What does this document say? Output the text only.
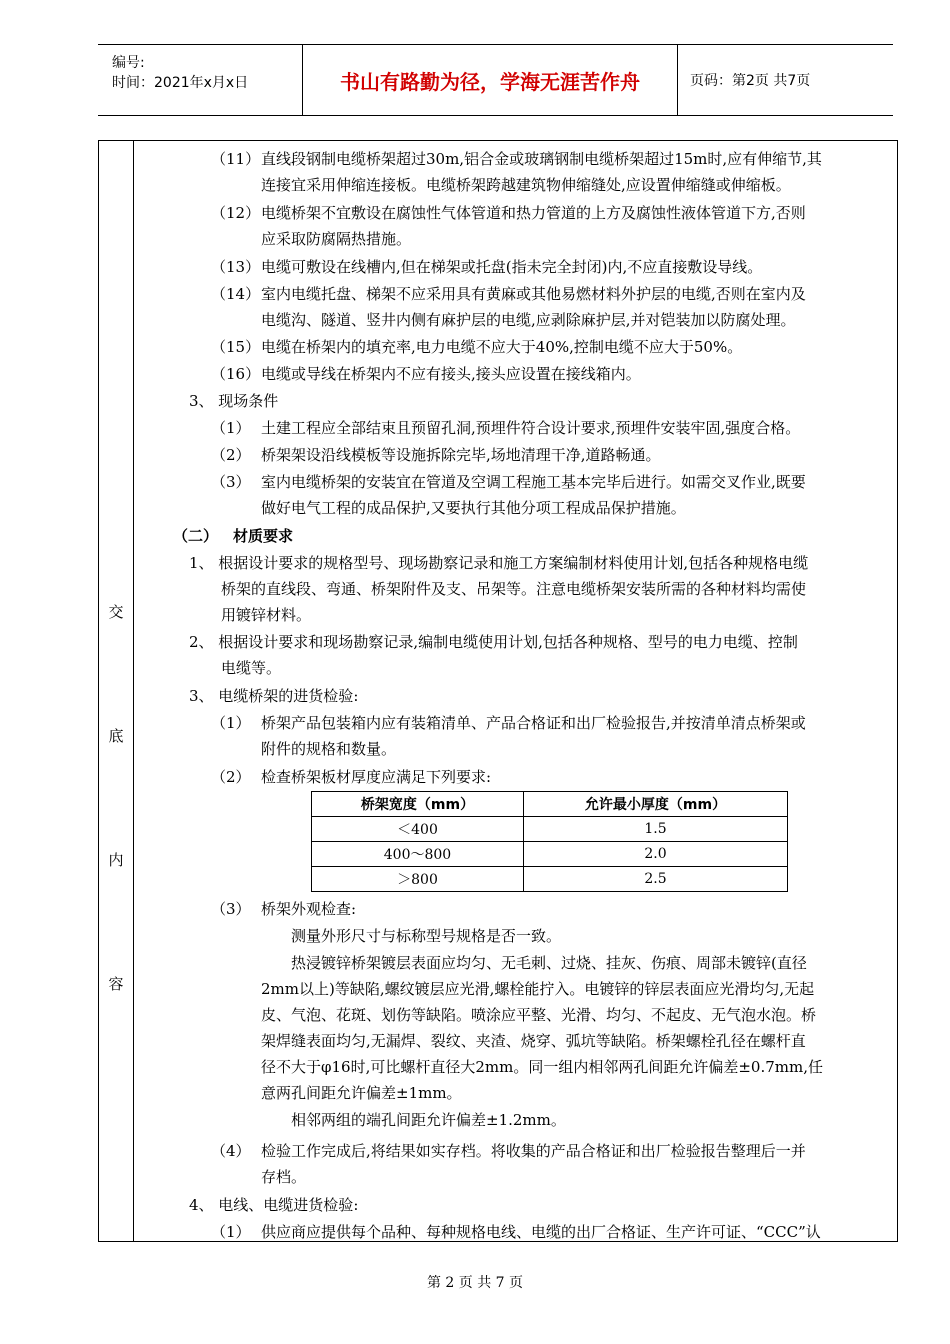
编号:
时间：2021年x月x日	书山有路勤为径，学海无涯苦作舟	页码：第2页 共7页
交
底
内
容
（11） 直线段钢制电缆桥架超过30m,铝合金或玻璃钢制电缆桥架超过15m时,应有伸缩节,其
连接宜采用伸缩连接板。电缆桥架跨越建筑物伸缩缝处,应设置伸缩缝或伸缩板。
（12） 电缆桥架不宜敷设在腐蚀性气体管道和热力管道的上方及腐蚀性液体管道下方,否则
应采取防腐隔热措施。
（13） 电缆可敷设在线槽内,但在梯架或托盘(指未完全封闭)内,不应直接敷设导线。
（14） 室内电缆托盘、梯架不应采用具有黄麻或其他易燃材料外护层的电缆,否则在室内及
电缆沟、隧道、竖井内侧有麻护层的电缆,应剥除麻护层,并对铠装加以防腐处理。
（15） 电缆在桥架内的填充率,电力电缆不应大于40%,控制电缆不应大于50%。
（16） 电缆或导线在桥架内不应有接头,接头应设置在接线箱内。
3、 现场条件
（1） 土建工程应全部结束且预留孔洞,预埋件符合设计要求,预埋件安装牢固,强度合格。
（2） 桥架架设沿线模板等设施拆除完毕,场地清理干净,道路畅通。
（3） 室内电缆桥架的安装宜在管道及空调工程施工基本完毕后进行。如需交叉作业,既要
做好电气工程的成品保护,又要执行其他分项工程成品保护措施。
（二） 材质要求
1、 根据设计要求的规格型号、现场勘察记录和施工方案编制材料使用计划,包括各种规格电缆
桥架的直线段、弯通、桥架附件及支、吊架等。注意电缆桥架安装所需的各种材料均需使
用镀锌材料。
2、 根据设计要求和现场勘察记录,编制电缆使用计划,包括各种规格、型号的电力电缆、控制
电缆等。
3、 电缆桥架的进货检验:
（1） 桥架产品包装箱内应有装箱清单、产品合格证和出厂检验报告,并按清单清点桥架或
附件的规格和数量。
（2） 检查桥架板材厚度应满足下列要求:
桥架宽度（mm）	允许最小厚度（mm）
＜400	1.5
400～800	2.0
＞800	2.5
（3） 桥架外观检查:
测量外形尺寸与标称型号规格是否一致。
热浸镀锌桥架镀层表面应均匀、无毛刺、过烧、挂灰、伤痕、周部未镀锌(直径
2mm以上)等缺陷,螺纹镀层应光滑,螺栓能拧入。电镀锌的锌层表面应光滑均匀,无起
皮、气泡、花斑、划伤等缺陷。喷涂应平整、光滑、均匀、不起皮、无气泡水泡。桥
架焊缝表面均匀,无漏焊、裂纹、夹渣、烧穿、弧坑等缺陷。桥架螺栓孔径在螺杆直
径不大于φ16时,可比螺杆直径大2mm。同一组内相邻两孔间距允许偏差±0.7mm,任
意两孔间距允许偏差±1mm。
相邻两组的端孔间距允许偏差±1.2mm。
（4） 检验工作完成后,将结果如实存档。将收集的产品合格证和出厂检验报告整理后一并
存档。
4、 电线、电缆进货检验:
（1） 供应商应提供每个品种、每种规格电线、电缆的出厂合格证、生产许可证、“CCC”认
第 2 页 共 7 页
